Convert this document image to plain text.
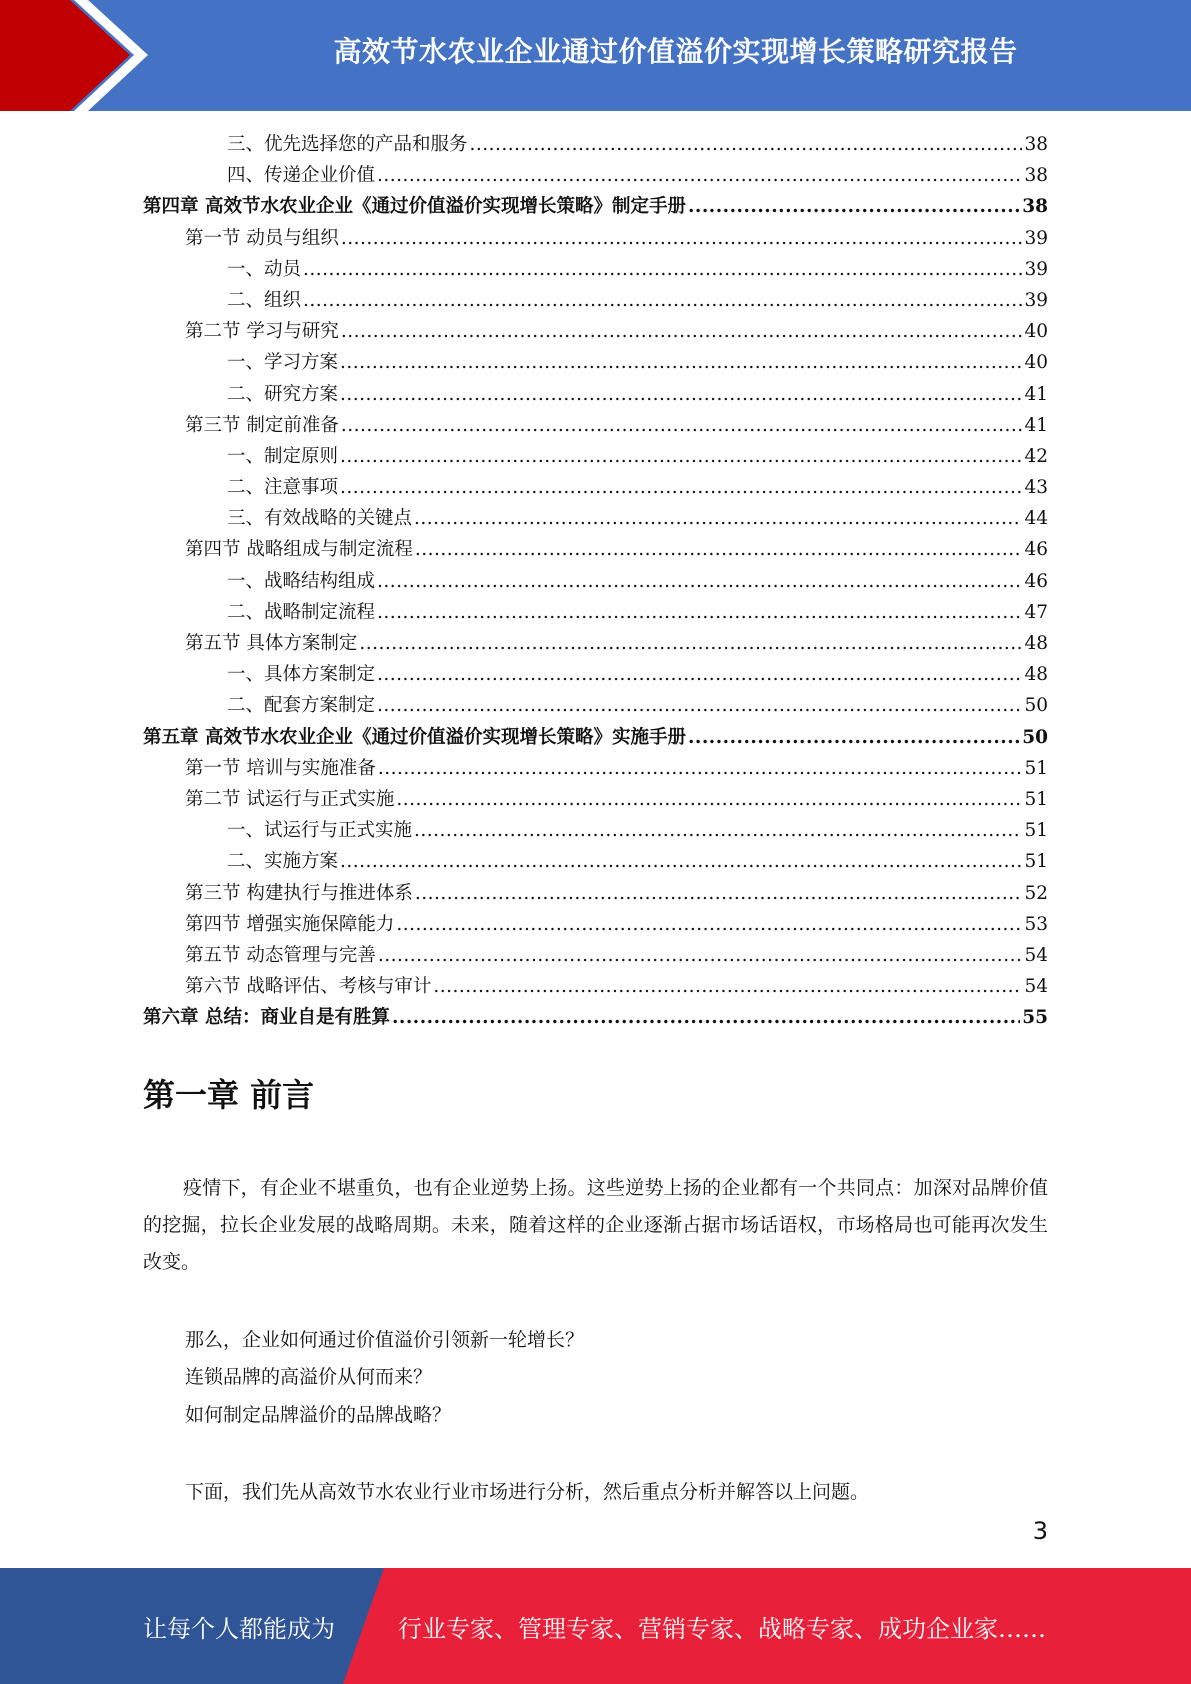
高效节水农业企业通过价值溢价实现增长策略研究报告
三、优先选择您的产品和服务 .....	38
四、传递企业价值 .....	38
第四章 高效节水农业企业《通过价值溢价实现增长策略》制定手册 .....	38
第一节 动员与组织 .....	39
一、动员 .....	39
二、组织 .....	39
第二节 学习与研究 .....	40
一、学习方案 .....	40
二、研究方案 .....	41
第三节 制定前准备 .....	41
一、制定原则 .....	42
二、注意事项 .....	43
三、有效战略的关键点 .....	44
第四节 战略组成与制定流程 .....	46
一、战略结构组成 .....	46
二、战略制定流程 .....	47
第五节 具体方案制定 .....	48
一、具体方案制定 .....	48
二、配套方案制定 .....	50
第五章 高效节水农业企业《通过价值溢价实现增长策略》实施手册 .....	50
第一节 培训与实施准备 .....	51
第二节 试运行与正式实施 .....	51
一、试运行与正式实施 .....	51
二、实施方案 .....	51
第三节 构建执行与推进体系 .....	52
第四节 增强实施保障能力 .....	53
第五节 动态管理与完善 .....	54
第六节 战略评估、考核与审计 .....	54
第六章 总结：商业自是有胜算 .....	55
第一章 前言

疫情下，有企业不堪重负，也有企业逆势上扬。这些逆势上扬的企业都有一个共同点：加深对品牌价值的挖掘，拉长企业发展的战略周期。未来，随着这样的企业逐渐占据市场话语权，市场格局也可能再次发生改变。

那么，企业如何通过价值溢价引领新一轮增长？

连锁品牌的高溢价从何而来？

如何制定品牌溢价的品牌战略？

下面，我们先从高效节水农业行业市场进行分析，然后重点分析并解答以上问题。

3
让每个人都能成为	行业专家、管理专家、营销专家、战略专家、成功企业家……
